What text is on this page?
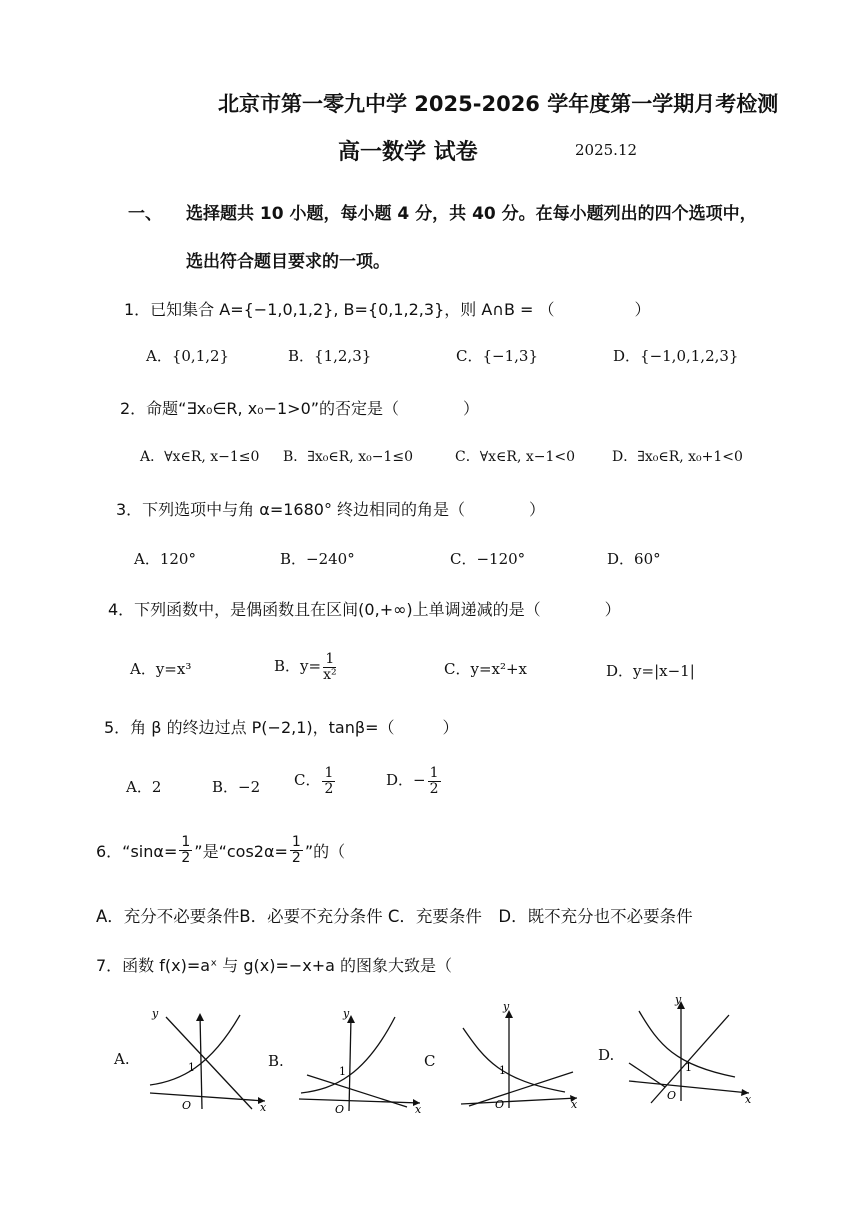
北京市第一零九中学 2025-2026 学年度第一学期月考检测
高一数学 试卷	2025.12
一、 选择题共 10 小题，每小题 4 分，共 40 分。在每小题列出的四个选项中，
选出符合题目要求的一项。
1．已知集合 A={−1,0,1,2}, B={0,1,2,3}，则 A∩B = （　　　　　）
A．{0,1,2}	B．{1,2,3}	C．{−1,3}	D．{−1,0,1,2,3}
2．命题“∃x₀∈R, x₀−1>0”的否定是（　　　　）
A．∀x∈R, x−1≤0 B．∃x₀∈R, x₀−1≤0	C．∀x∈R, x−1<0	D．∃x₀∈R, x₀+1<0
3．下列选项中与角 α=1680° 终边相同的角是（　　　　）
A．120°	B．−240°	C．−120°	D．60°
4．下列函数中，是偶函数且在区间(0,+∞)上单调递减的是（　　　　）
A．y=x³	B．$y= \frac{1}{\text{x²}}$	C．y=x²+x	D．y=|x−1|
5．角 β 的终边过点 P(−2,1)，tanβ=（　　　）
A．2	B．−2 C． $\frac{1}{2}$	D．− $\frac{1}{2}$
6．“$\sin\alpha= \frac{1}{2}$ ”是“$\cos 2\alpha= \frac{1}{2}$ ”的（
A．充分不必要条件B．必要不充分条件 C．充要条件　D．既不充分也不必要条件
7．函数 f(x)=aˣ 与 g(x)=−x+a 的图象大致是（
A.	B.	C	D.
y
x
O
1
y
x
O
1
y
x
O
1
y
x
O
1
